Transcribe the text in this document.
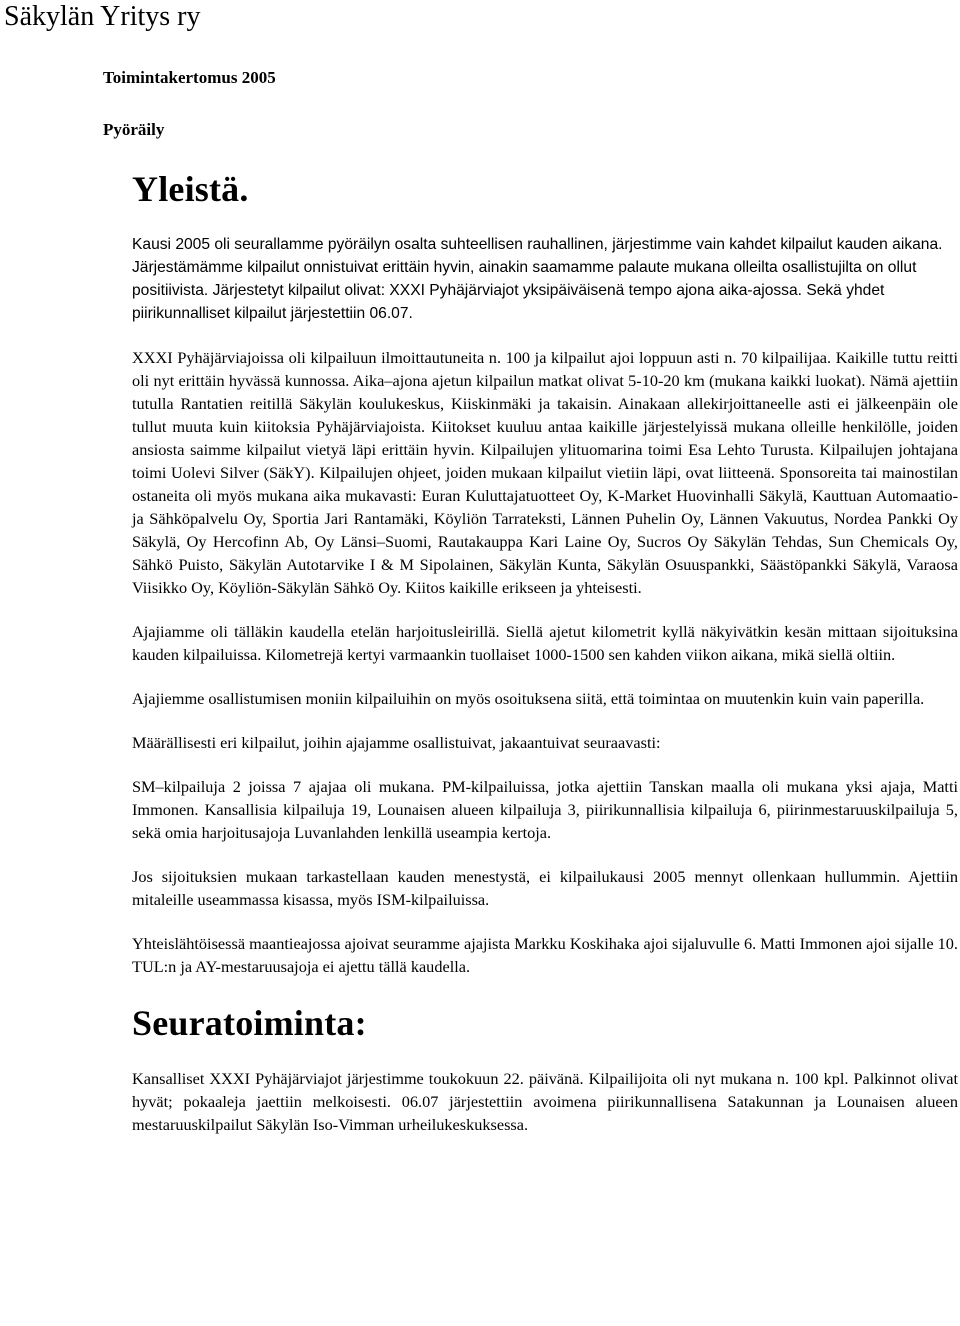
Säkylän Yritys ry
Toimintakertomus 2005
Pyöräily
Yleistä.

Kausi 2005 oli seurallamme pyöräilyn osalta suhteellisen rauhallinen, järjestimme vain kahdet kilpailut kauden aikana. Järjestämämme kilpailut onnistuivat erittäin hyvin, ainakin saamamme palaute mukana olleilta osallistujilta on ollut positiivista. Järjestetyt kilpailut olivat: XXXI Pyhäjärviajot yksipäiväisenä tempo ajona aika-ajossa. Sekä yhdet piirikunnalliset kilpailut järjestettiin 06.07.

XXXI Pyhäjärviajoissa oli kilpailuun ilmoittautuneita n. 100 ja kilpailut ajoi loppuun asti n. 70 kilpailijaa. Kaikille tuttu reitti oli nyt erittäin hyvässä kunnossa. Aika–ajona ajetun kilpailun matkat olivat 5-10-20 km (mukana kaikki luokat). Nämä ajettiin tutulla Rantatien reitillä Säkylän koulukeskus, Kiiskinmäki ja takaisin. Ainakaan allekirjoittaneelle asti ei jälkeenpäin ole tullut muuta kuin kiitoksia Pyhäjärviajoista. Kiitokset kuuluu antaa kaikille järjestelyissä mukana olleille henkilölle, joiden ansiosta saimme kilpailut vietyä läpi erittäin hyvin. Kilpailujen ylituomarina toimi Esa Lehto Turusta. Kilpailujen johtajana toimi Uolevi Silver (SäkY). Kilpailujen ohjeet, joiden mukaan kilpailut vietiin läpi, ovat liitteenä. Sponsoreita tai mainostilan ostaneita oli myös mukana aika mukavasti: Euran Kuluttajatuotteet Oy, K-Market Huovinhalli Säkylä, Kauttuan Automaatio- ja Sähköpalvelu Oy, Sportia Jari Rantamäki, Köyliön Tarrateksti, Lännen Puhelin Oy, Lännen Vakuutus, Nordea Pankki Oy Säkylä, Oy Hercofinn Ab, Oy Länsi–Suomi, Rautakauppa Kari Laine Oy, Sucros Oy Säkylän Tehdas, Sun Chemicals Oy, Sähkö Puisto, Säkylän Autotarvike I & M Sipolainen, Säkylän Kunta, Säkylän Osuuspankki, Säästöpankki Säkylä, Varaosa Viisikko Oy, Köyliön-Säkylän Sähkö Oy. Kiitos kaikille erikseen ja yhteisesti.

Ajajiamme oli tälläkin kaudella etelän harjoitusleirillä. Siellä ajetut kilometrit kyllä näkyivätkin kesän mittaan sijoituksina kauden kilpailuissa. Kilometrejä kertyi varmaankin tuollaiset 1000-1500 sen kahden viikon aikana, mikä siellä oltiin.

Ajajiemme osallistumisen moniin kilpailuihin on myös osoituksena siitä, että toimintaa on muutenkin kuin vain paperilla.

Määrällisesti eri kilpailut, joihin ajajamme osallistuivat, jakaantuivat seuraavasti:

SM–kilpailuja 2 joissa 7 ajajaa oli mukana. PM-kilpailuissa, jotka ajettiin Tanskan maalla oli mukana yksi ajaja, Matti Immonen. Kansallisia kilpailuja 19, Lounaisen alueen kilpailuja 3, piirikunnallisia kilpailuja 6, piirinmestaruuskilpailuja 5, sekä omia harjoitusajoja Luvanlahden lenkillä useampia kertoja.

Jos sijoituksien mukaan tarkastellaan kauden menestystä, ei kilpailukausi 2005 mennyt ollenkaan hullummin. Ajettiin mitaleille useammassa kisassa, myös ISM-kilpailuissa.

Yhteislähtöisessä maantieajossa ajoivat seuramme ajajista Markku Koskihaka ajoi sijaluvulle 6. Matti Immonen ajoi sijalle 10. TUL:n ja AY-mestaruusajoja ei ajettu tällä kaudella.

Seuratoiminta:

Kansalliset XXXI Pyhäjärviajot järjestimme toukokuun 22. päivänä. Kilpailijoita oli nyt mukana n. 100 kpl. Palkinnot olivat hyvät; pokaaleja jaettiin melkoisesti. 06.07 järjestettiin avoimena piirikunnallisena Satakunnan ja Lounaisen alueen mestaruuskilpailut Säkylän Iso-Vimman urheilukeskuksessa.
